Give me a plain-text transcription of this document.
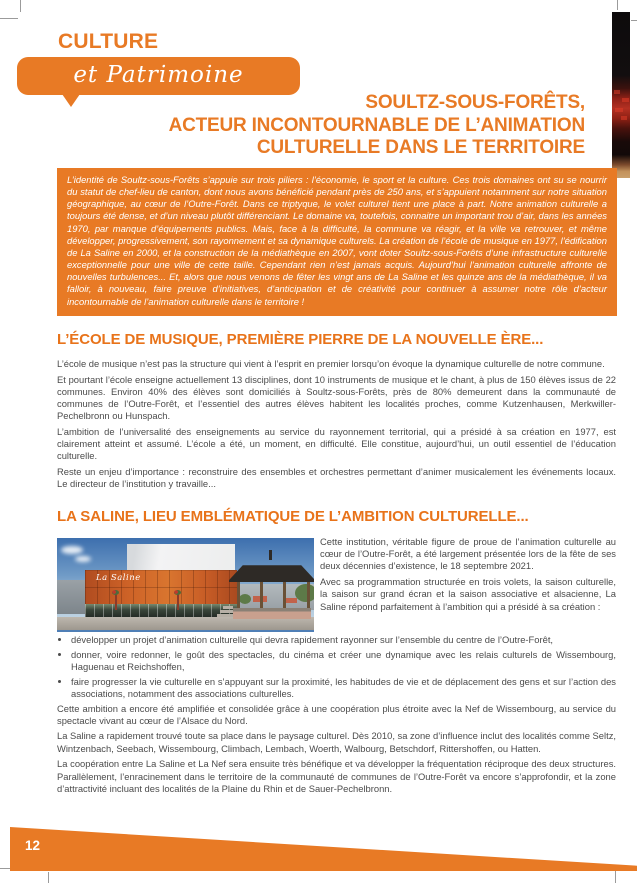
CULTURE
et Patrimoine
SOULTZ-SOUS-FORÊTS,
ACTEUR INCONTOURNABLE DE L’ANIMATION
CULTURELLE DANS LE TERRITOIRE
L’identité de Soultz-sous-Forêts s’appuie sur trois piliers : l’économie, le sport et la culture. Ces trois domaines ont su se nourrir du statut de chef-lieu de canton, dont nous avons bénéficié pendant près de 250 ans, et s’appuient notamment sur notre situation géographique, au cœur de l’Outre-Forêt. Dans ce triptyque, le volet culturel tient une place à part. Notre animation culturelle a toujours été dense, et d’un niveau plutôt différenciant. Le domaine va, toutefois, connaitre un important trou d’air, dans les années 1970, par manque d’équipements publics. Mais, face à la difficulté, la commune va réagir, et la ville va retrouver, et même développer, progressivement, son rayonnement et sa dynamique culturels. La création de l’école de musique en 1977, l’édification de La Saline en 2000, et la construction de la médiathèque en 2007, vont doter Soultz-sous-Forêts d’une infrastructure culturelle exceptionnelle pour une ville de cette taille. Cependant rien n’est jamais acquis. Aujourd’hui l’animation culturelle affronte de nouvelles turbulences... Et, alors que nous venons de fêter les vingt ans de La Saline et les quinze ans de la médiathèque, il va falloir, à nouveau, faire preuve d’initiatives, d’anticipation et de créativité pour continuer à assumer notre rôle d’acteur incontournable de l’animation culturelle dans le territoire !
L’ÉCOLE DE MUSIQUE, PREMIÈRE PIERRE DE LA NOUVELLE ÈRE...

L’école de musique n’est pas la structure qui vient à l’esprit en premier lorsqu’on évoque la dynamique culturelle de notre commune.

Et pourtant l’école enseigne actuellement 13 disciplines, dont 10 instruments de musique et le chant, à plus de 150 élèves issus de 22 communes. Environ 40% des élèves sont domiciliés à Soultz-sous-Forêts, près de 80% demeurent dans la communauté de communes de l’Outre-Forêt, et l’essentiel des autres élèves habitent les localités proches, comme Kutzenhausen, Merkwiller-Pechelbronn ou Hunspach.

L’ambition de l’universalité des enseignements au service du rayonnement territorial, qui a présidé à sa création en 1977, est clairement atteint et assumé. L’école a été, un moment, en difficulté. Elle constitue, aujourd’hui, un outil essentiel de l’éducation culturelle.

Reste un enjeu d’importance : reconstruire des ensembles et orchestres permettant d’animer musicalement les événements locaux. Le directeur de l’institution y travaille...

LA SALINE, LIEU EMBLÉMATIQUE DE L’AMBITION CULTURELLE...
La Saline

Cette institution, véritable figure de proue de l’animation culturelle au cœur de l’Outre-Forêt, a été largement présentée lors de la fête de ses deux décennies d’existence, le 18 septembre 2021.

Avec sa programmation structurée en trois volets, la saison culturelle, la saison sur grand écran et la saison associative et alsacienne, La Saline répond parfaitement à l’ambition qui a présidé à sa création :

• développer un projet d’animation culturelle qui devra rapidement rayonner sur l’ensemble du centre de l’Outre-Forêt,
• donner, voire redonner, le goût des spectacles, du cinéma et créer une dynamique avec les relais culturels de Wissembourg, Haguenau et Reichshoffen,
• faire progresser la vie culturelle en s’appuyant sur la proximité, les habitudes de vie et de déplacement des gens et sur l’action des associations, notamment des associations culturelles.

Cette ambition a encore été amplifiée et consolidée grâce à une coopération plus étroite avec la Nef de Wissembourg, au service du spectacle vivant au cœur de l’Alsace du Nord.

La Saline a rapidement trouvé toute sa place dans le paysage culturel. Dès 2010, sa zone d’influence inclut des localités comme Seltz, Wintzenbach, Seebach, Wissembourg, Climbach, Lembach, Woerth, Walbourg, Betschdorf, Rittershoffen, ou Hatten.

La coopération entre La Saline et La Nef sera ensuite très bénéfique et va développer la fréquentation réciproque des deux structures. Parallèlement, l’enracinement dans le territoire de la communauté de communes de l’Outre-Forêt va encore s’approfondir, et la zone d’attractivité incluant des localités de la Plaine du Rhin et de Sauer-Pechelbronn.

12
